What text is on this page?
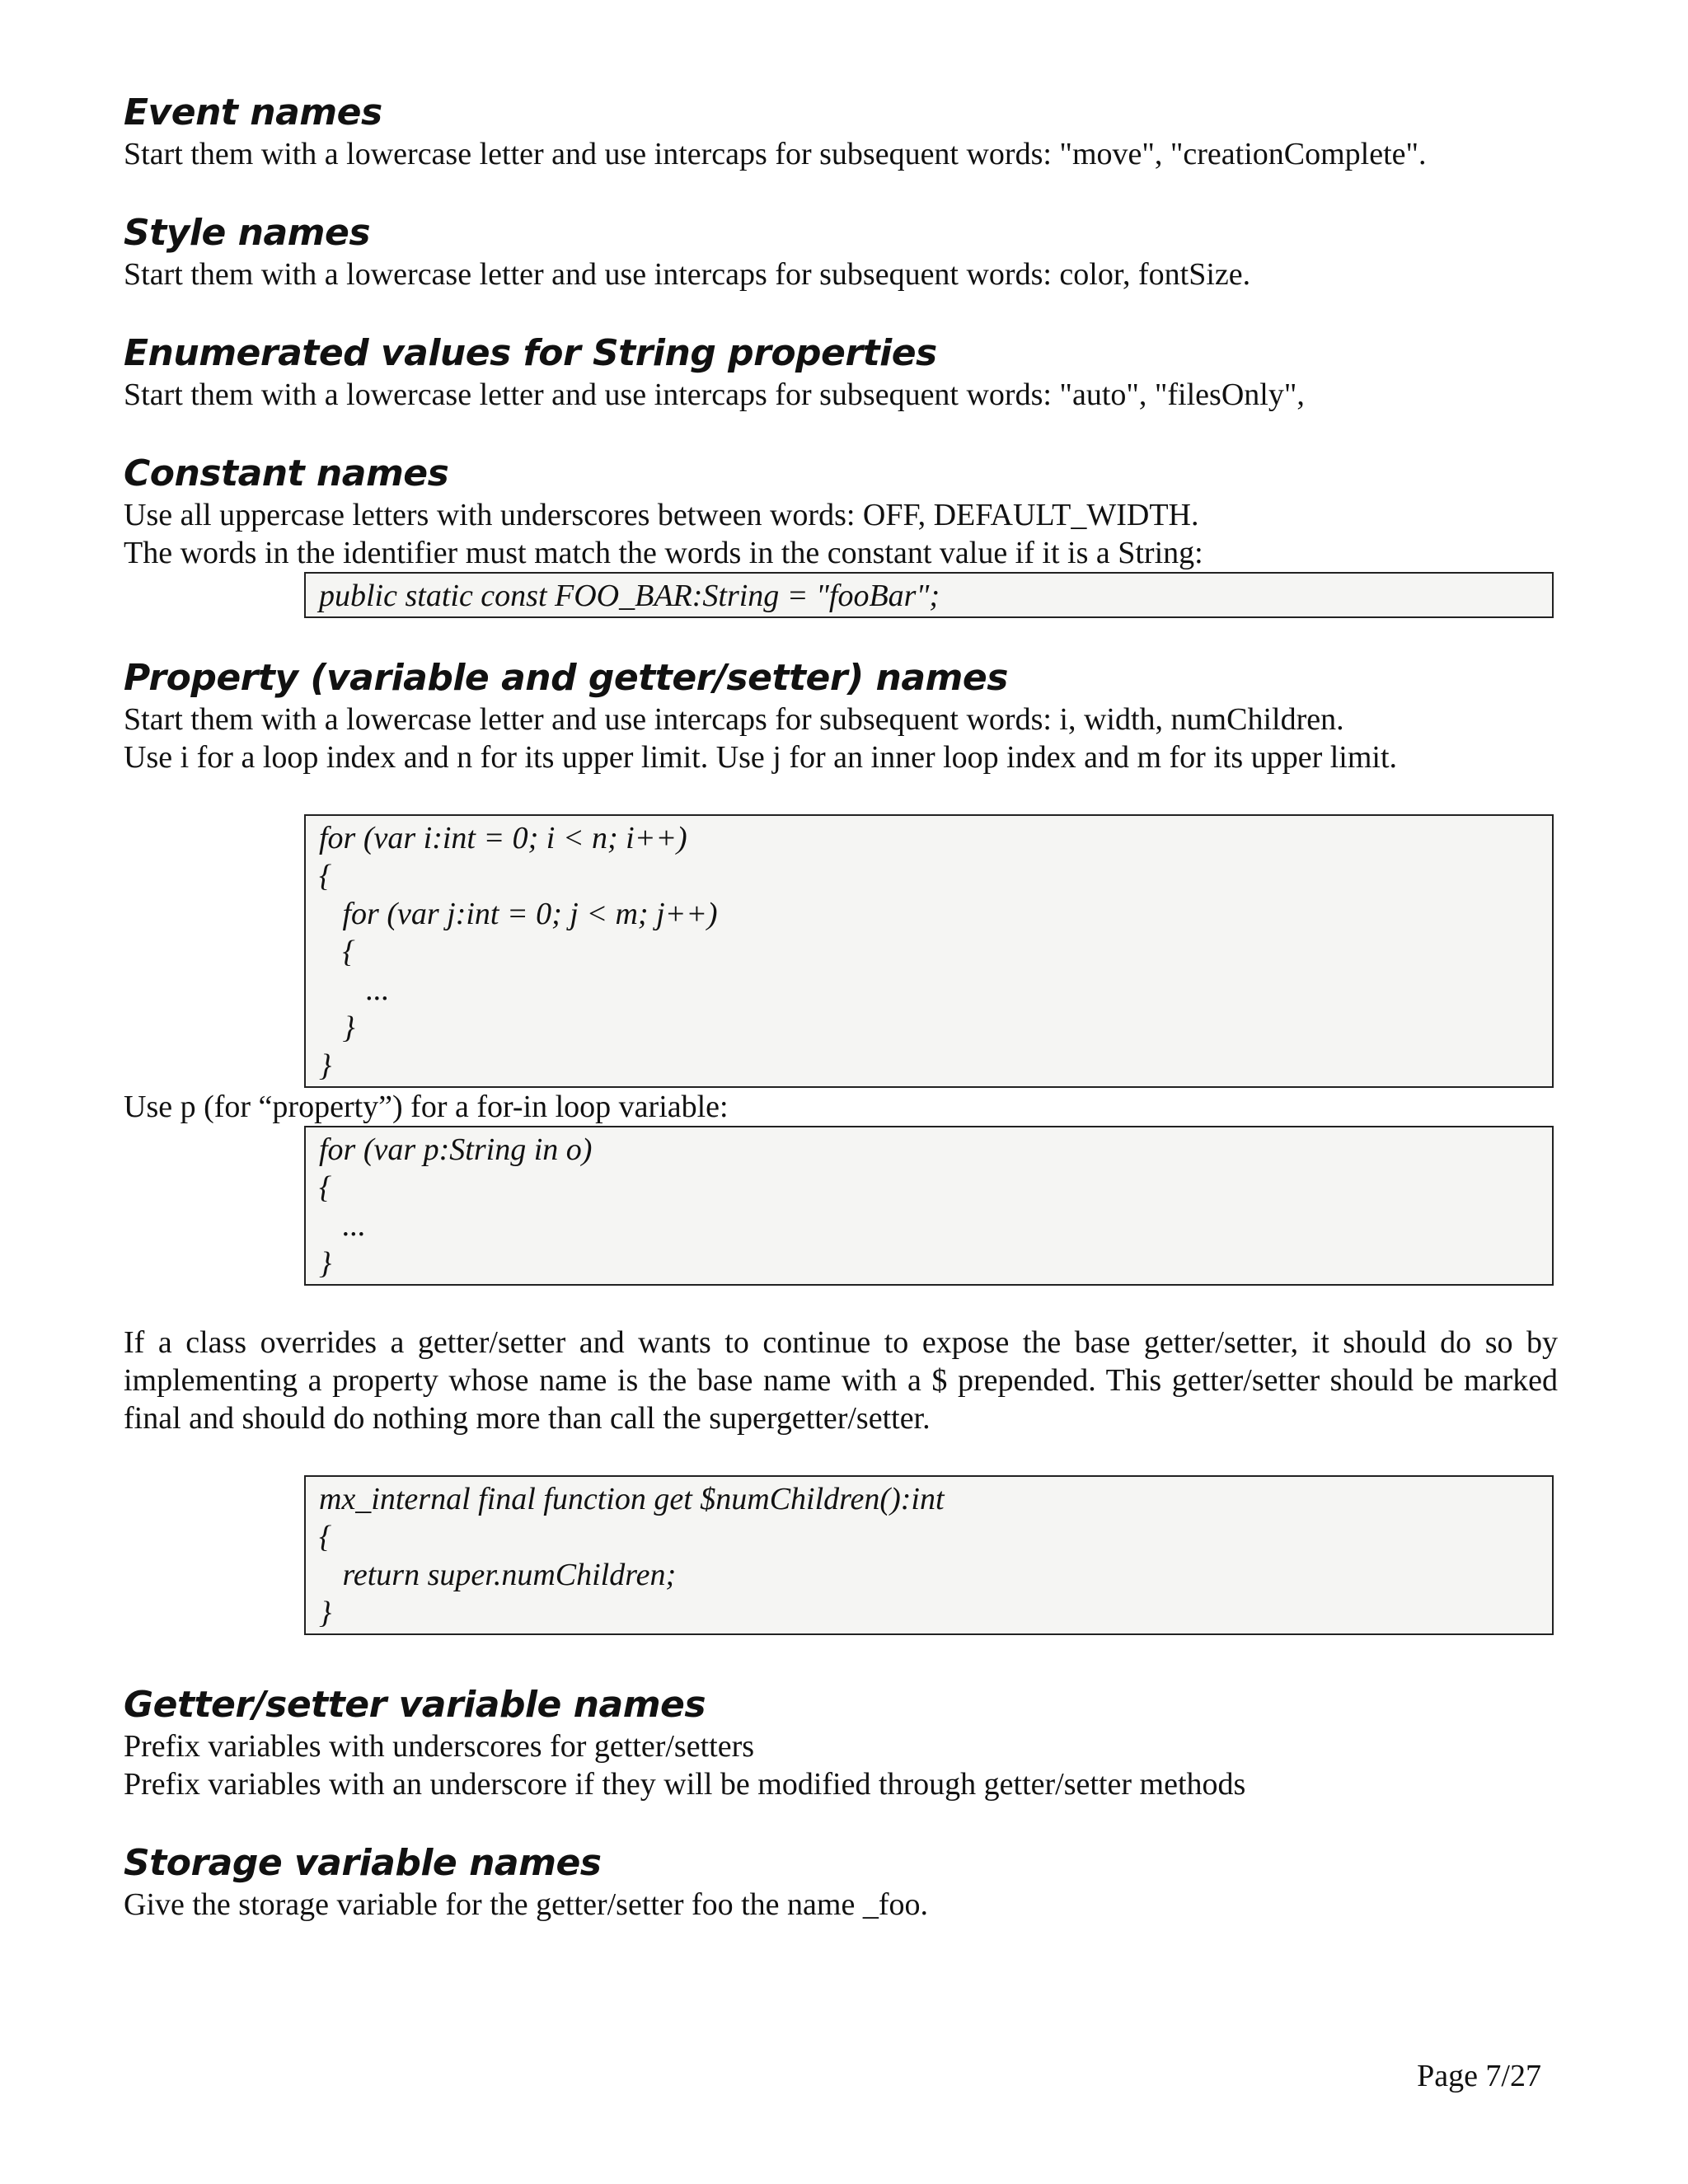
Event names

Start them with a lowercase letter and use intercaps for subsequent words: "move", "creationComplete".

Style names

Start them with a lowercase letter and use intercaps for subsequent words: color, fontSize.

Enumerated values for String properties

Start them with a lowercase letter and use intercaps for subsequent words: "auto", "filesOnly",

Constant names

Use all uppercase letters with underscores between words: OFF, DEFAULT_WIDTH.

The words in the identifier must match the words in the constant value if it is a String:

public static const FOO_BAR:String = "fooBar";
Property (variable and getter/setter) names

Start them with a lowercase letter and use intercaps for subsequent words: i, width, numChildren.

Use i for a loop index and n for its upper limit. Use j for an inner loop index and m for its upper limit.

for (var i:int = 0; i < n; i++)
{
for (var j:int = 0; j < m; j++)
{
...
}
}

Use p (for “property”) for a for-in loop variable:

for (var p:String in o)
{
...
}

If a class overrides a getter/setter and wants to continue to expose the base getter/setter, it should do so by implementing a property whose name is the base name with a $ prepended. This getter/setter should be marked final and should do nothing more than call the supergetter/setter.

mx_internal final function get $numChildren():int
{
return super.numChildren;
}
Getter/setter variable names

Prefix variables with underscores for getter/setters

Prefix variables with an underscore if they will be modified through getter/setter methods

Storage variable names

Give the storage variable for the getter/setter foo the name _foo.

Page 7/27
